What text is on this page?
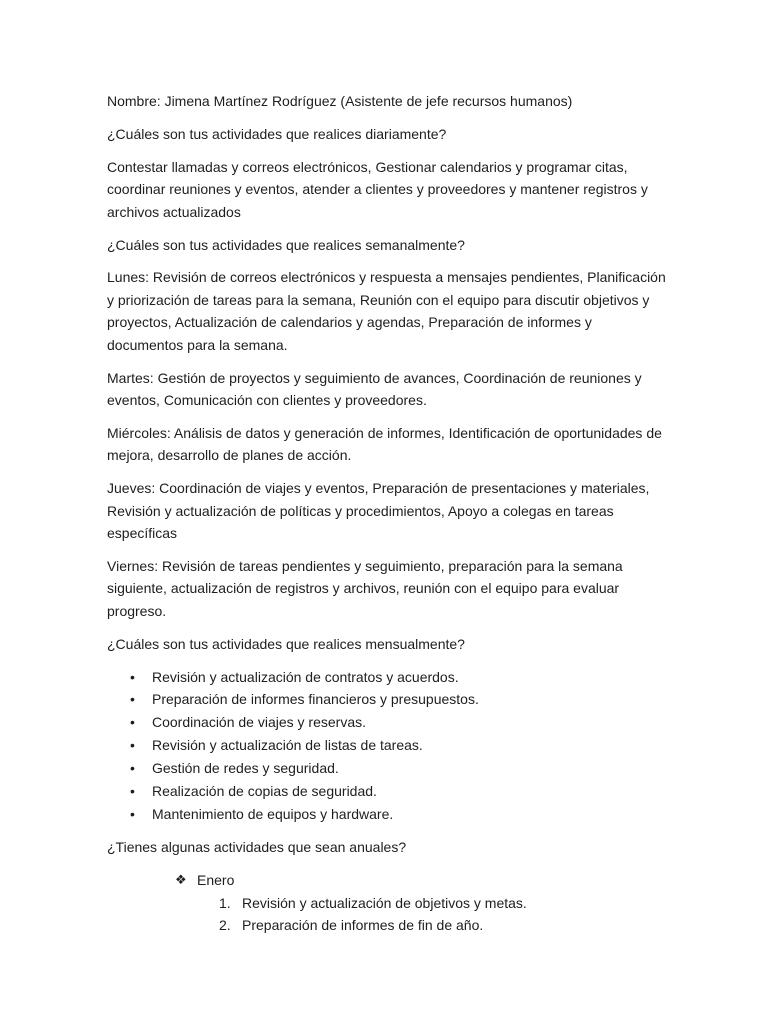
Nombre: Jimena Martínez Rodríguez (Asistente de jefe recursos humanos)

¿Cuáles son tus actividades que realices diariamente?

Contestar llamadas y correos electrónicos, Gestionar calendarios y programar citas, coordinar reuniones y eventos, atender a clientes y proveedores y mantener registros y archivos actualizados

¿Cuáles son tus actividades que realices semanalmente?

Lunes: Revisión de correos electrónicos y respuesta a mensajes pendientes, Planificación y priorización de tareas para la semana, Reunión con el equipo para discutir objetivos y proyectos, Actualización de calendarios y agendas, Preparación de informes y documentos para la semana.

Martes: Gestión de proyectos y seguimiento de avances, Coordinación de reuniones y eventos, Comunicación con clientes y proveedores.

Miércoles: Análisis de datos y generación de informes, Identificación de oportunidades de mejora, desarrollo de planes de acción.

Jueves: Coordinación de viajes y eventos, Preparación de presentaciones y materiales, Revisión y actualización de políticas y procedimientos, Apoyo a colegas en tareas específicas

Viernes: Revisión de tareas pendientes y seguimiento, preparación para la semana siguiente, actualización de registros y archivos, reunión con el equipo para evaluar progreso.

¿Cuáles son tus actividades que realices mensualmente?

• Revisión y actualización de contratos y acuerdos.
• Preparación de informes financieros y presupuestos.
• Coordinación de viajes y reservas.
• Revisión y actualización de listas de tareas.
• Gestión de redes y seguridad.
• Realización de copias de seguridad.
• Mantenimiento de equipos y hardware.

¿Tienes algunas actividades que sean anuales?

❖ Enero
1. Revisión y actualización de objetivos y metas.
2. Preparación de informes de fin de año.
